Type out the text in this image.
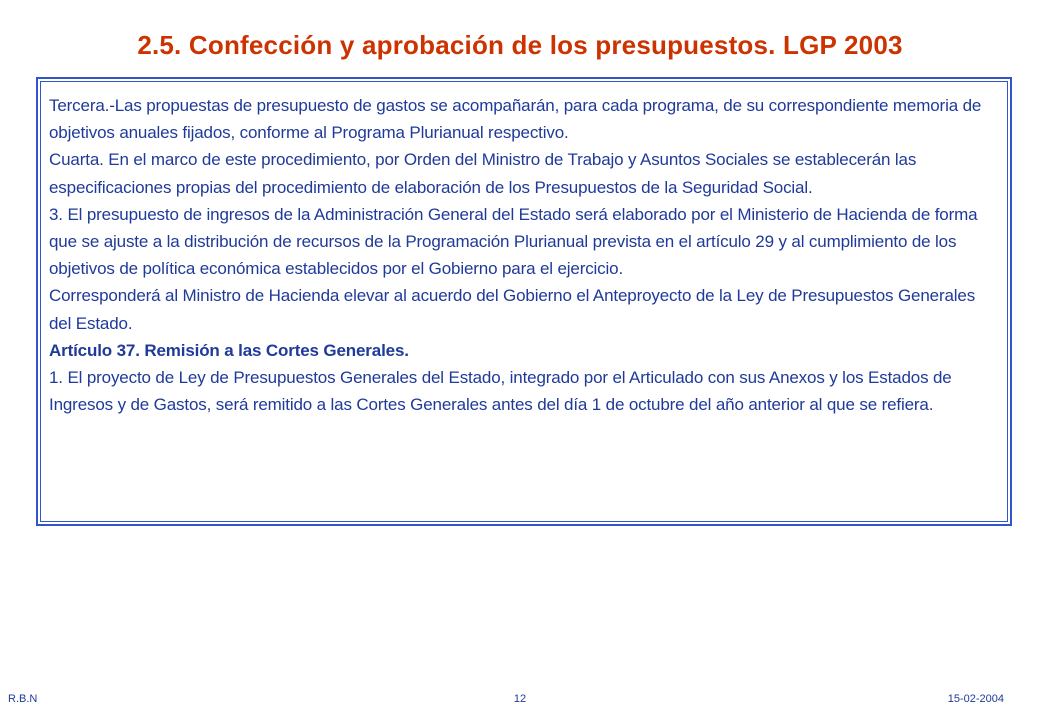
2.5. Confección y aprobación de los presupuestos. LGP 2003

Tercera.-Las propuestas de presupuesto de gastos se acompañarán, para cada programa, de su correspondiente memoria de objetivos anuales fijados, conforme al Programa Plurianual respectivo.

Cuarta. En el marco de este procedimiento, por Orden del Ministro de Trabajo y Asuntos Sociales se establecerán las especificaciones propias del procedimiento de elaboración de los Presupuestos de la Seguridad Social.

3. El presupuesto de ingresos de la Administración General del Estado será elaborado por el Ministerio de Hacienda de forma que se ajuste a la distribución de recursos de la Programación Plurianual prevista en el artículo 29 y al cumplimiento de los objetivos de política económica establecidos por el Gobierno para el ejercicio.

Corresponderá al Ministro de Hacienda elevar al acuerdo del Gobierno el Anteproyecto de la Ley de Presupuestos Generales del Estado.

Artículo 37. Remisión a las Cortes Generales.

1. El proyecto de Ley de Presupuestos Generales del Estado, integrado por el Articulado con sus Anexos y los Estados de Ingresos y de Gastos, será remitido a las Cortes Generales antes del día 1 de octubre del año anterior al que se refiera.

R.B.N	12	15-02-2004
